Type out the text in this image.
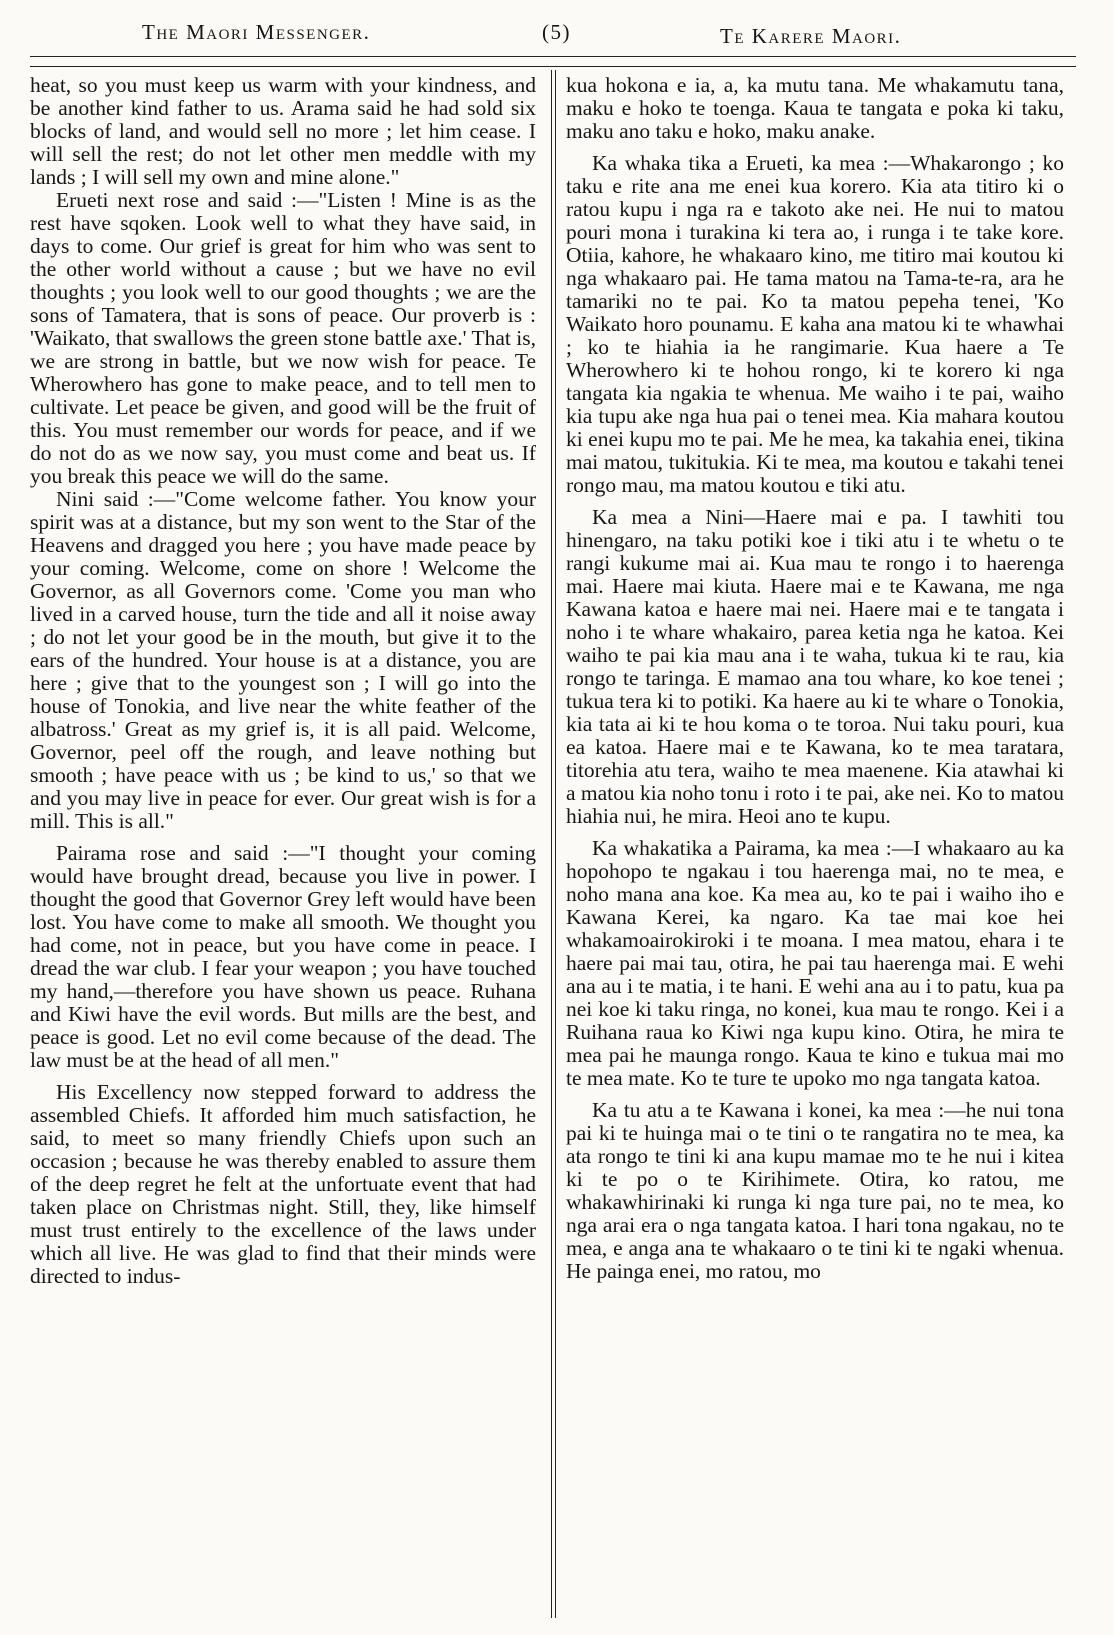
The Maori Messenger.	(5)	Te Karere Maori.

heat, so you must keep us warm with your kindness, and be another kind father to us. Arama said he had sold six blocks of land, and would sell no more ; let him cease. I will sell the rest; do not let other men meddle with my lands ; I will sell my own and mine alone."

Erueti next rose and said :—"Listen ! Mine is as the rest have sqoken. Look well to what they have said, in days to come. Our grief is great for him who was sent to the other world without a cause ; but we have no evil thoughts ; you look well to our good thoughts ; we are the sons of Tamatera, that is sons of peace. Our proverb is : 'Waikato, that swallows the green stone battle axe.' That is, we are strong in battle, but we now wish for peace. Te Wherowhero has gone to make peace, and to tell men to cultivate. Let peace be given, and good will be the fruit of this. You must remember our words for peace, and if we do not do as we now say, you must come and beat us. If you break this peace we will do the same.

Nini said :—"Come welcome father. You know your spirit was at a distance, but my son went to the Star of the Heavens and dragged you here ; you have made peace by your coming. Welcome, come on shore ! Welcome the Governor, as all Governors come. 'Come you man who lived in a carved house, turn the tide and all it noise away ; do not let your good be in the mouth, but give it to the ears of the hundred. Your house is at a distance, you are here ; give that to the youngest son ; I will go into the house of Tonokia, and live near the white feather of the albatross.' Great as my grief is, it is all paid. Welcome, Governor, peel off the rough, and leave nothing but smooth ; have peace with us ; be kind to us,' so that we and you may live in peace for ever. Our great wish is for a mill. This is all."

Pairama rose and said :—"I thought your coming would have brought dread, because you live in power. I thought the good that Governor Grey left would have been lost. You have come to make all smooth. We thought you had come, not in peace, but you have come in peace. I dread the war club. I fear your weapon ; you have touched my hand,—therefore you have shown us peace. Ruhana and Kiwi have the evil words. But mills are the best, and peace is good. Let no evil come because of the dead. The law must be at the head of all men."

His Excellency now stepped forward to address the assembled Chiefs. It afforded him much satisfaction, he said, to meet so many friendly Chiefs upon such an occasion ; because he was thereby enabled to assure them of the deep regret he felt at the unfortuate event that had taken place on Christmas night. Still, they, like himself must trust entirely to the excellence of the laws under which all live. He was glad to find that their minds were directed to indus-

kua hokona e ia, a, ka mutu tana. Me whakamutu tana, maku e hoko te toenga. Kaua te tangata e poka ki taku, maku ano taku e hoko, maku anake.

Ka whaka tika a Erueti, ka mea :—Whakarongo ; ko taku e rite ana me enei kua korero. Kia ata titiro ki o ratou kupu i nga ra e takoto ake nei. He nui to matou pouri mona i turakina ki tera ao, i runga i te take kore. Otiia, kahore, he whakaaro kino, me titiro mai koutou ki nga whakaaro pai. He tama matou na Tama-te-ra, ara he tamariki no te pai. Ko ta matou pepeha tenei, 'Ko Waikato horo pounamu. E kaha ana matou ki te whawhai ; ko te hiahia ia he rangimarie. Kua haere a Te Wherowhero ki te hohou rongo, ki te korero ki nga tangata kia ngakia te whenua. Me waiho i te pai, waiho kia tupu ake nga hua pai o tenei mea. Kia mahara koutou ki enei kupu mo te pai. Me he mea, ka takahia enei, tikina mai matou, tukitukia. Ki te mea, ma koutou e takahi tenei rongo mau, ma matou koutou e tiki atu.

Ka mea a Nini—Haere mai e pa. I tawhiti tou hinengaro, na taku potiki koe i tiki atu i te whetu o te rangi kukume mai ai. Kua mau te rongo i to haerenga mai. Haere mai kiuta. Haere mai e te Kawana, me nga Kawana katoa e haere mai nei. Haere mai e te tangata i noho i te whare whakairo, parea ketia nga he katoa. Kei waiho te pai kia mau ana i te waha, tukua ki te rau, kia rongo te taringa. E mamao ana tou whare, ko koe tenei ; tukua tera ki to potiki. Ka haere au ki te whare o Tonokia, kia tata ai ki te hou koma o te toroa. Nui taku pouri, kua ea katoa. Haere mai e te Kawana, ko te mea taratara, titorehia atu tera, waiho te mea maenene. Kia atawhai ki a matou kia noho tonu i roto i te pai, ake nei. Ko to matou hiahia nui, he mira. Heoi ano te kupu.

Ka whakatika a Pairama, ka mea :—I whakaaro au ka hopohopo te ngakau i tou haerenga mai, no te mea, e noho mana ana koe. Ka mea au, ko te pai i waiho iho e Kawana Kerei, ka ngaro. Ka tae mai koe hei whakamoairokiroki i te moana. I mea matou, ehara i te haere pai mai tau, otira, he pai tau haerenga mai. E wehi ana au i te matia, i te hani. E wehi ana au i to patu, kua pa nei koe ki taku ringa, no konei, kua mau te rongo. Kei i a Ruihana raua ko Kiwi nga kupu kino. Otira, he mira te mea pai he maunga rongo. Kaua te kino e tukua mai mo te mea mate. Ko te ture te upoko mo nga tangata katoa.

Ka tu atu a te Kawana i konei, ka mea :—he nui tona pai ki te huinga mai o te tini o te rangatira no te mea, ka ata rongo te tini ki ana kupu mamae mo te he nui i kitea ki te po o te Kirihimete. Otira, ko ratou, me whakawhirinaki ki runga ki nga ture pai, no te mea, ko nga arai era o nga tangata katoa. I hari tona ngakau, no te mea, e anga ana te whakaaro o te tini ki te ngaki whenua. He painga enei, mo ratou, mo
